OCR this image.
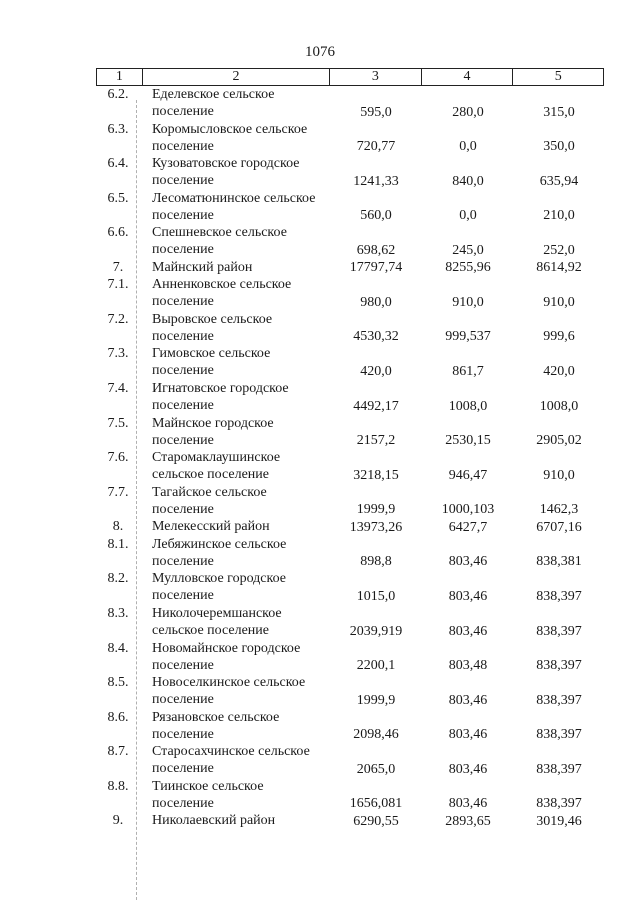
1076
1	2	3	4	5
6.2.	Еделевское сельское
поселение	595,0	280,0	315,0
6.3.	Коромысловское сельское
поселение	720,77	0,0	350,0
6.4.	Кузоватовское городское
поселение	1241,33	840,0	635,94
6.5.	Лесоматюнинское сельское
поселение	560,0	0,0	210,0
6.6.	Спешневское сельское
поселение	698,62	245,0	252,0
7.	Майнский район	17797,74	8255,96	8614,92
7.1.	Анненковское сельское
поселение	980,0	910,0	910,0
7.2.	Выровское сельское
поселение	4530,32	999,537	999,6
7.3.	Гимовское сельское
поселение	420,0	861,7	420,0
7.4.	Игнатовское городское
поселение	4492,17	1008,0	1008,0
7.5.	Майнское городское
поселение	2157,2	2530,15	2905,02
7.6.	Старомаклаушинское
сельское поселение	3218,15	946,47	910,0
7.7.	Тагайское сельское
поселение	1999,9	1000,103	1462,3
8.	Мелекесский район	13973,26	6427,7	6707,16
8.1.	Лебяжинское сельское
поселение	898,8	803,46	838,381
8.2.	Мулловское городское
поселение	1015,0	803,46	838,397
8.3.	Николочеремшанское
сельское поселение	2039,919	803,46	838,397
8.4.	Новомайнское городское
поселение	2200,1	803,48	838,397
8.5.	Новоселкинское сельское
поселение	1999,9	803,46	838,397
8.6.	Рязановское сельское
поселение	2098,46	803,46	838,397
8.7.	Старосахчинское сельское
поселение	2065,0	803,46	838,397
8.8.	Тиинское сельское
поселение	1656,081	803,46	838,397
9.	Николаевский район	6290,55	2893,65	3019,46
